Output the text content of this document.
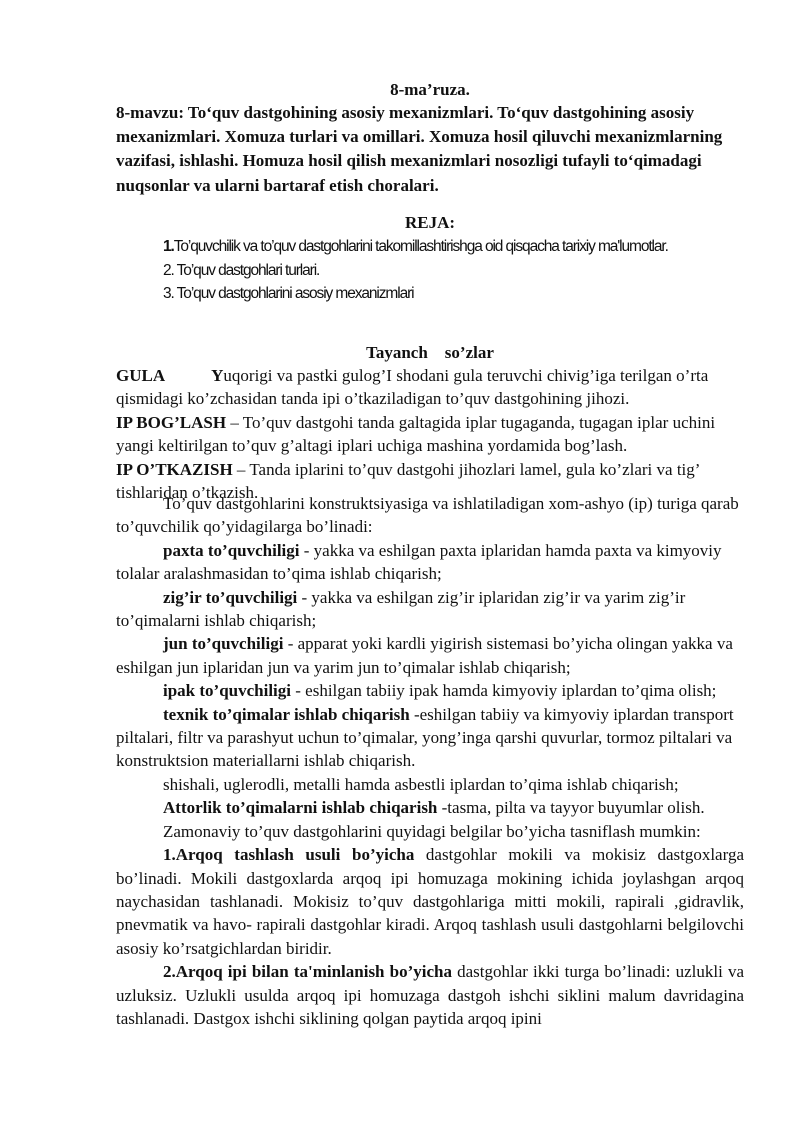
8-ma’ruza.
8-mavzu: To‘quv dastgohining asosiy mexanizmlari. To‘quv dastgohining asosiy mexanizmlari. Xomuza turlari va omillari. Xomuza hosil qiluvchi mexanizmlarning vazifasi, ishlashi. Homuza hosil qilish mexanizmlari nosozligi tufayli to‘qimadagi nuqsonlar va ularni bartaraf etish choralari.
REJA:

1.To’quvchilik va to’quv dastgohlarini takomillashtirishga oid qisqacha tarixiy ma'lumotlar.

2. To’quv dastgohlari turlari.

3. To’quv dastgohlarini asosiy mexanizmlari

Tayanch    so’zlar

GULA	Yuqorigi va pastki gulog’I shodani gula teruvchi chivig’iga terilgan o’rta qismidagi ko’zchasidan tanda ipi o’tkaziladigan to’quv dastgohining jihozi.

IP BOG’LASH – To’quv dastgohi tanda galtagida iplar tugaganda, tugagan iplar uchini yangi keltirilgan to’quv g’altagi iplari uchiga mashina yordamida bog’lash.

IP O’TKAZISH – Tanda iplarini to’quv dastgohi jihozlari lamel, gula ko’zlari va tig’ tishlaridan o’tkazish.

To’quv dastgohlarini konstruktsiyasiga va ishlatiladigan xom-ashyo (ip) turiga qarab to’quvchilik qo’yidagilarga bo’linadi:

paxta to’quvchiligi - yakka va eshilgan paxta iplaridan hamda paxta va kimyoviy tolalar aralashmasidan to’qima ishlab chiqarish;

zig’ir to’quvchiligi - yakka va eshilgan zig’ir iplaridan zig’ir va yarim zig’ir to’qimalarni ishlab chiqarish;

jun to’quvchiligi - apparat yoki kardli yigirish sistemasi bo’yicha olingan yakka va eshilgan jun iplaridan jun va yarim jun to’qimalar ishlab chiqarish;

ipak to’quvchiligi - eshilgan tabiiy ipak hamda kimyoviy iplardan to’qima olish;

texnik to’qimalar ishlab chiqarish -eshilgan tabiiy va kimyoviy iplardan transport piltalari, filtr va parashyut uchun to’qimalar, yong’inga qarshi quvurlar, tormoz piltalari va konstruktsion materiallarni ishlab chiqarish.

shishali, uglerodli, metalli hamda asbestli iplardan to’qima ishlab chiqarish;

Attorlik to’qimalarni ishlab chiqarish -tasma, pilta va tayyor buyumlar olish.

Zamonaviy to’quv dastgohlarini quyidagi belgilar bo’yicha tasniflash mumkin:

1.Arqoq tashlash usuli bo’yicha dastgohlar mokili va mokisiz dastgoxlarga bo’linadi. Mokili dastgoxlarda arqoq ipi homuzaga mokining ichida joylashgan arqoq naychasidan tashlanadi. Mokisiz to’quv dastgohlariga mitti mokili, rapirali ,gidravlik, pnevmatik va havo- rapirali dastgohlar kiradi. Arqoq tashlash usuli dastgohlarni belgilovchi asosiy ko’rsatgichlardan biridir.

2.Arqoq ipi bilan ta'minlanish bo’yicha dastgohlar ikki turga bo’linadi: uzlukli va uzluksiz. Uzlukli usulda arqoq ipi homuzaga dastgoh ishchi siklini malum davridagina tashlanadi. Dastgox ishchi siklining qolgan paytida arqoq ipini
